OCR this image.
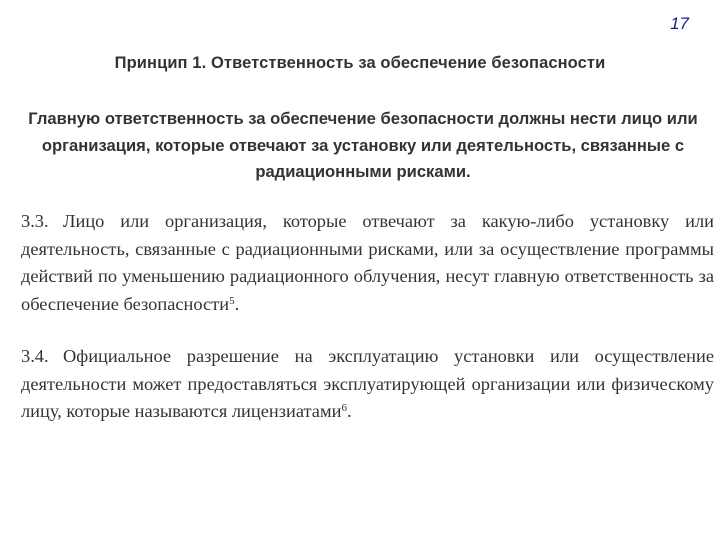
17
Принцип 1. Ответственность за обеспечение безопасности
Главную ответственность за обеспечение безопасности должны нести лицо или организация, которые отвечают за установку или деятельность, связанные с радиационными рисками.
3.3. Лицо или организация, которые отвечают за какую-либо установку или деятельность, связанные с радиационными рисками, или за осуществление программы действий по уменьшению радиационного облучения, несут главную ответственность за обеспечение безопасности$^5$.
3.4. Официальное разрешение на эксплуатацию установки или осуществление деятельности может предоставляться эксплуатирующей организации или физическому лицу, которые называются лицензиатами$^6$.
